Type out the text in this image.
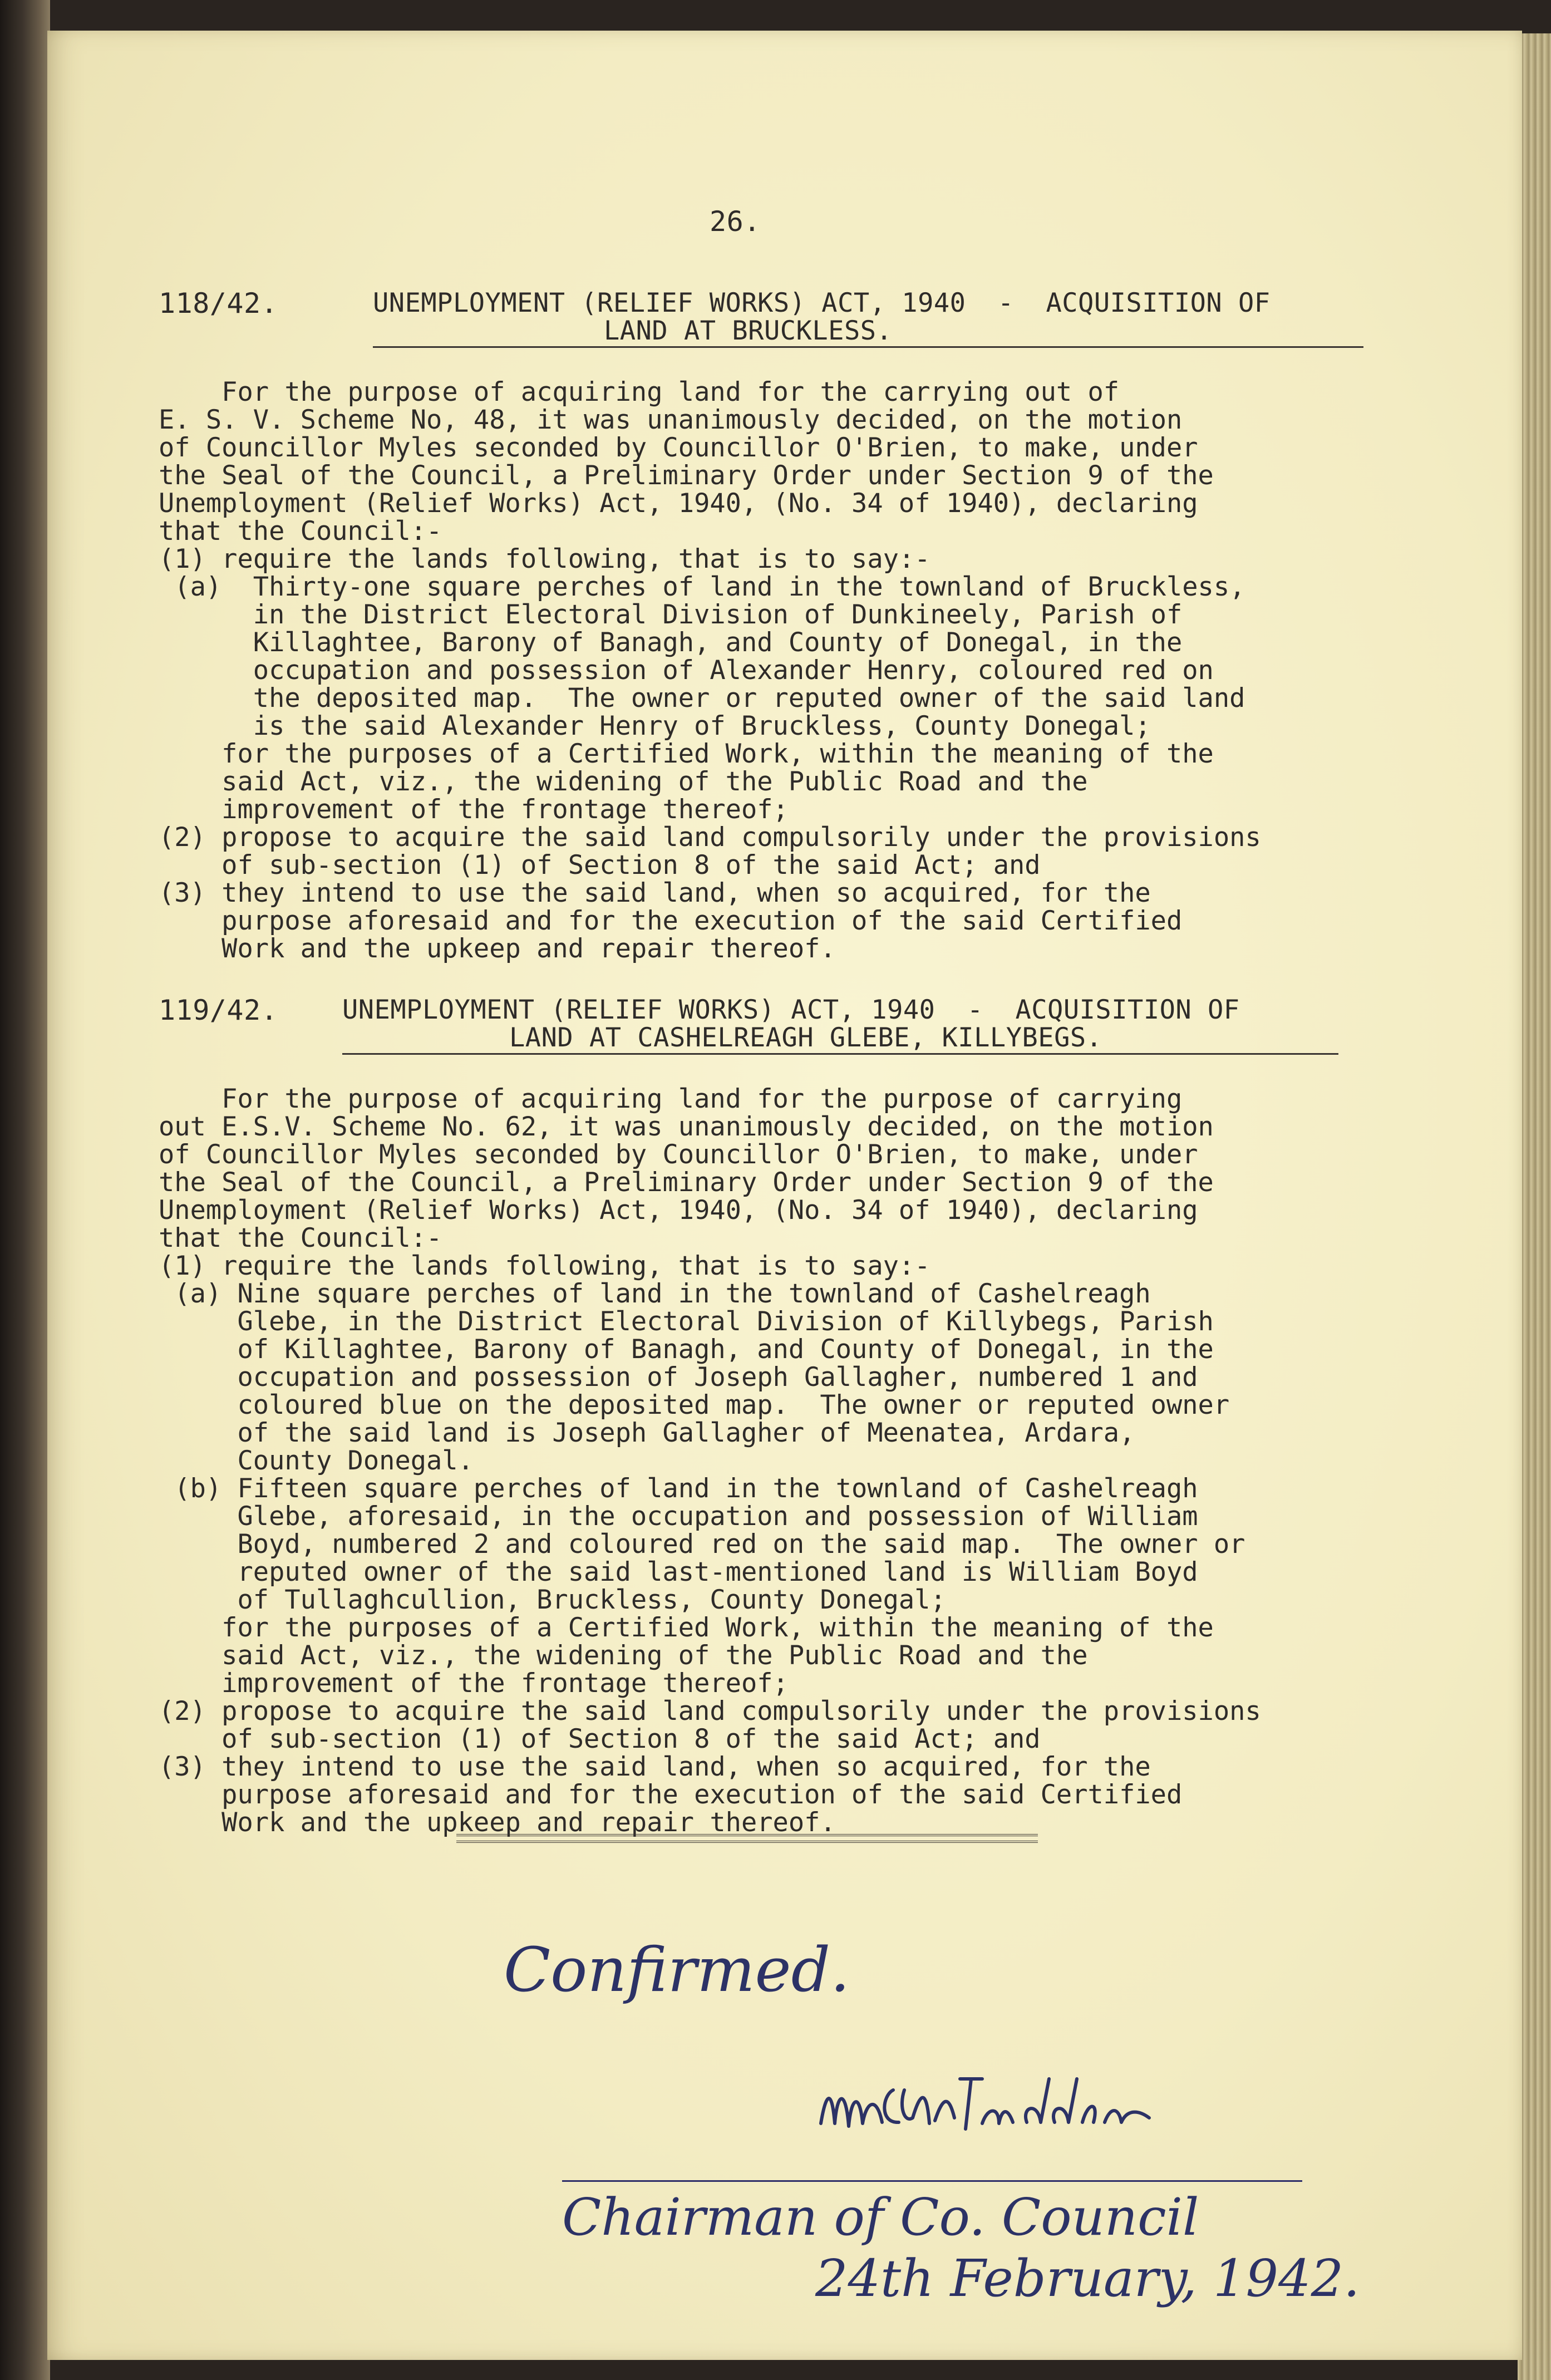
26.
118/42.	UNEMPLOYMENT (RELIEF WORKS) ACT, 1940  -  ACQUISITION OF
LAND AT BRUCKLESS.
For the purpose of acquiring land for the carrying out of
E. S. V. Scheme No, 48, it was unanimously decided, on the motion
of Councillor Myles seconded by Councillor O'Brien, to make, under
the Seal of the Council, a Preliminary Order under Section 9 of the
Unemployment (Relief Works) Act, 1940, (No. 34 of 1940), declaring
that the Council:-
(1) require the lands following, that is to say:-
(a)  Thirty-one square perches of land in the townland of Bruckless,
in the District Electoral Division of Dunkineely, Parish of
Killaghtee, Barony of Banagh, and County of Donegal, in the
occupation and possession of Alexander Henry, coloured red on
the deposited map.  The owner or reputed owner of the said land
is the said Alexander Henry of Bruckless, County Donegal;
for the purposes of a Certified Work, within the meaning of the
said Act, viz., the widening of the Public Road and the
improvement of the frontage thereof;
(2) propose to acquire the said land compulsorily under the provisions
of sub-section (1) of Section 8 of the said Act; and
(3) they intend to use the said land, when so acquired, for the
purpose aforesaid and for the execution of the said Certified
Work and the upkeep and repair thereof.
119/42. UNEMPLOYMENT (RELIEF WORKS) ACT, 1940  -  ACQUISITION OF
LAND AT CASHELREAGH GLEBE, KILLYBEGS.
For the purpose of acquiring land for the purpose of carrying
out E.S.V. Scheme No. 62, it was unanimously decided, on the motion
of Councillor Myles seconded by Councillor O'Brien, to make, under
the Seal of the Council, a Preliminary Order under Section 9 of the
Unemployment (Relief Works) Act, 1940, (No. 34 of 1940), declaring
that the Council:-
(1) require the lands following, that is to say:-
(a) Nine square perches of land in the townland of Cashelreagh
Glebe, in the District Electoral Division of Killybegs, Parish
of Killaghtee, Barony of Banagh, and County of Donegal, in the
occupation and possession of Joseph Gallagher, numbered 1 and
coloured blue on the deposited map.  The owner or reputed owner
of the said land is Joseph Gallagher of Meenatea, Ardara,
County Donegal.
(b) Fifteen square perches of land in the townland of Cashelreagh
Glebe, aforesaid, in the occupation and possession of William
Boyd, numbered 2 and coloured red on the said map.  The owner or
reputed owner of the said last-mentioned land is William Boyd
of Tullaghcullion, Bruckless, County Donegal;
for the purposes of a Certified Work, within the meaning of the
said Act, viz., the widening of the Public Road and the
improvement of the frontage thereof;
(2) propose to acquire the said land compulsorily under the provisions
of sub-section (1) of Section 8 of the said Act; and
(3) they intend to use the said land, when so acquired, for the
purpose aforesaid and for the execution of the said Certified
Work and the upkeep and repair thereof.
Confirmed.
Chairman of Co. Council
24th February, 1942.
